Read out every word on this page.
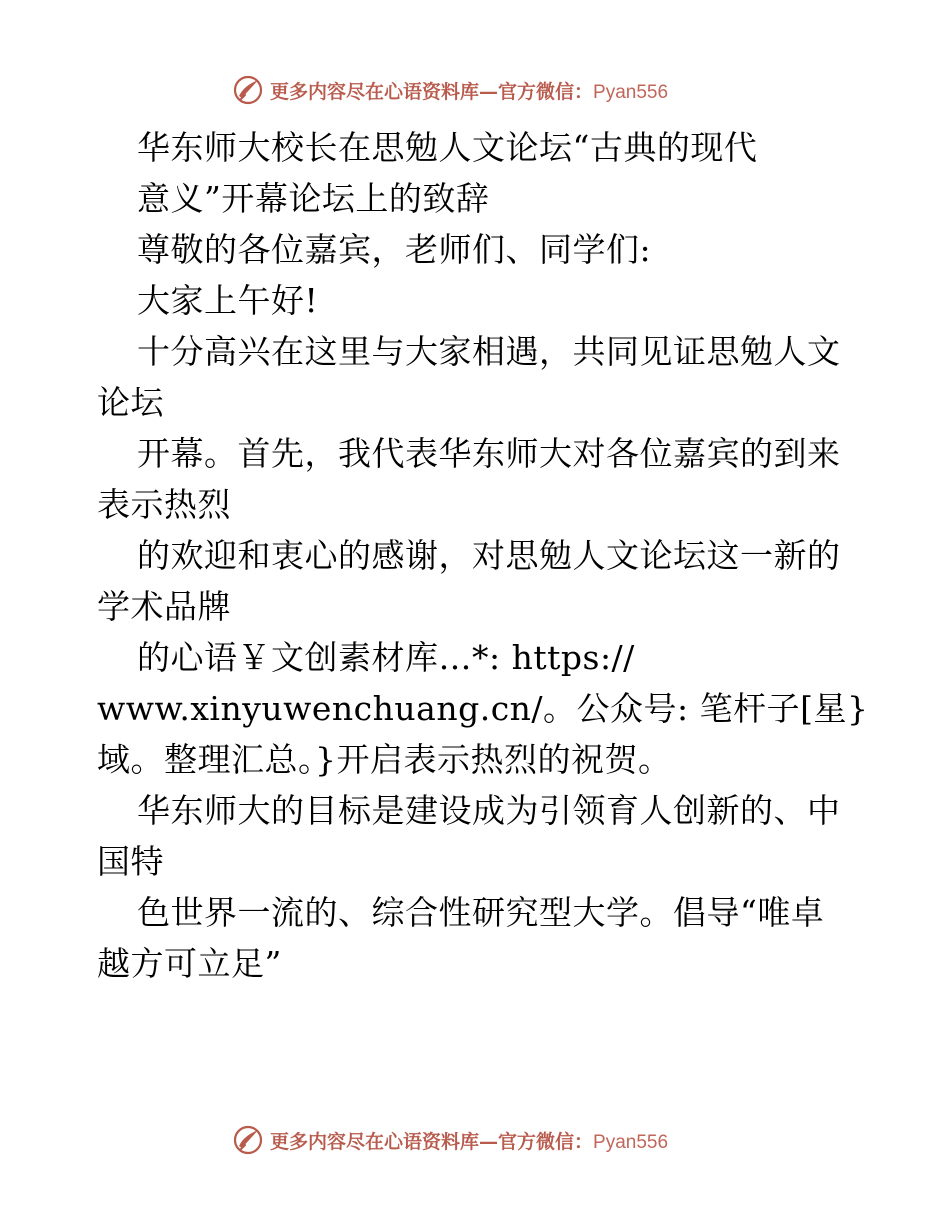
更多内容尽在心语资料库—官方微信：Pyan556
华东师大校长在思勉人文论坛“古典的现代
意义”开幕论坛上的致辞
尊敬的各位嘉宾，老师们、同学们:
大家上午好!
十分高兴在这里与大家相遇，共同见证思勉人文
论坛
开幕。首先，我代表华东师大对各位嘉宾的到来
表示热烈
的欢迎和衷心的感谢，对思勉人文论坛这一新的
学术品牌
的心语￥文创素材库…*: https://
www.xinyuwenchuang.cn/。公众号: 笔杆子[星}
域。整理汇总。}开启表示热烈的祝贺。
华东师大的目标是建设成为引领育人创新的、中
国特
色世界一流的、综合性研究型大学。倡导“唯卓
越方可立足”
更多内容尽在心语资料库—官方微信：Pyan556
